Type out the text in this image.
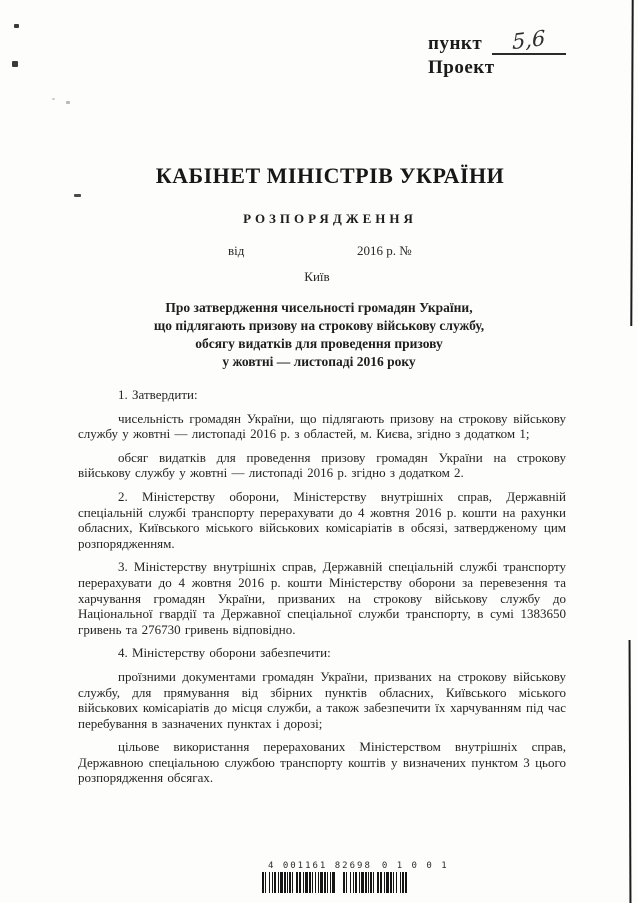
пункт	5,6
Проект
КАБІНЕТ МІНІСТРІВ УКРАЇНИ
РОЗПОРЯДЖЕННЯ
від	2016 р. №
Київ
Про затвердження чисельності громадян України,
що підлягають призову на строкову військову службу,
обсягу видатків для проведення призову
у жовтні — листопаді 2016 року

1. Затвердити:

чисельність громадян України, що підлягають призову на строкову військову службу у жовтні — листопаді 2016 р. з областей, м. Києва, згідно з додатком 1;

обсяг видатків для проведення призову громадян України на строкову військову службу у жовтні — листопаді 2016 р. згідно з додатком 2.

2. Міністерству оборони, Міністерству внутрішніх справ, Державній спеціальній службі транспорту перерахувати до 4 жовтня 2016 р. кошти на рахунки обласних, Київського міського військових комісаріатів в обсязі, затвердженому цим розпорядженням.

3. Міністерству внутрішніх справ, Державній спеціальній службі транспорту перерахувати до 4 жовтня 2016 р. кошти Міністерству оборони за перевезення та харчування громадян України, призваних на строкову військову службу до Національної гвардії та Державної спеціальної служби транспорту, в сумі 1383650 гривень та 276730 гривень відповідно.

4. Міністерству оборони забезпечити:

проїзними документами громадян України, призваних на строкову військову службу, для прямування від збірних пунктів обласних, Київського міського військових комісаріатів до місця служби, а також забезпечити їх харчуванням під час перебування в зазначених пунктах і дорозі;

цільове використання перерахованих Міністерством внутрішніх справ, Державною спеціальною службою транспорту коштів у визначених пунктом 3 цього розпорядження обсягах.

4 001161 82698 0 1 0 0 1
